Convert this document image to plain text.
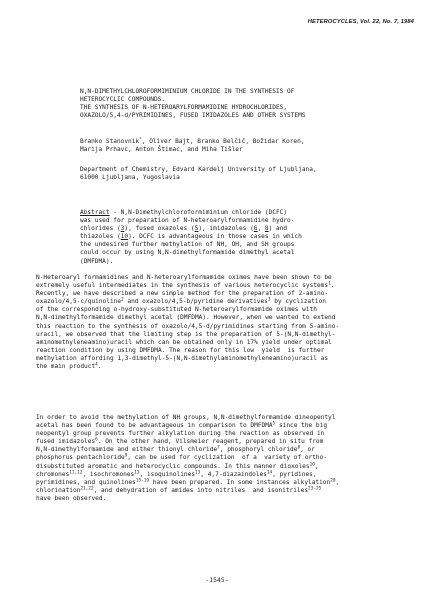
HETEROCYCLES, Vol. 22, No. 7, 1984
N,N-DIMETHYLCHLOROFORMIMINIUM CHLORIDE IN THE SYNTHESIS OF
HETEROCYCLIC COMPOUNDS.
THE SYNTHESIS OF N-HETEROARYLFORMAMIDINE HYDROCHLORIDES,
OXAZOLO/5,4-d/PYRIMIDINES, FUSED IMIDAZOLES AND OTHER SYSTEMS
Branko Stanovnik*, Oliver Bajt, Branko Belčič, Božidar Koren,
Marija Prhavc, Anton Štimac, and Miha Tišler
Department of Chemistry, Edvard Kardelj University of Ljubljana,
61000 Ljubljana, Yugoslavia
Abstract - N,N-Dimethylchloroformiminium chloride (DCFC)
was used for preparation of N-heteroarylformamidine hydro-
chlorides (3), fused oxazoles (5), imidazoles (6, 8) and
thiazoles (10). DCFC is advantageous in those cases in which
the undesired further methylation of NH, OH, and SH groups
could occur by using N,N-dimethylformamide dimethyl acetal
(DMFDMA).
N-Heteroaryl formamidines and N-heteroarylformamide oximes have been shown to be
extremely useful intermediates in the synthesis of various heterocyclic systems$^1$.
Recently, we have described a new simple method for the preparation of 2-amino-
oxazolo/4,5-c/quinoline$^2$ and oxazolo/4,5-b/pyridine derivatives$^3$ by cyclization
of the corresponding o-hydroxy-substituted N-heteroarylformamide oximes with
N,N-dimethylformamide dimethyl acetal (DMFDMA). However, when we wanted to extend
this reaction to the synthesis of oxazolo/4,5-d/pyrimidines starting from 5-amino-
uracil, we observed that the limiting step is the preparation of 5-(N,N-dimethyl-
aminomethyleneamino)uracil which can be obtained only in 17% yield under optimal
reaction condition by using DMFDMA. The reason for this low  yield  is further
methylation affording 1,3-dimethyl-5-(N,N-dimethylaminomethyleneamino)uracil as
the main product$^4$.
In order to avoid the methylation of NH groups, N,N-dimethylformamide dineopentyl
acetal has been found to be advantageous in comparison to DMFDMA$^5$ since the big
neopentyl group prevents further alkylation during the reaction as observed in
fused imidazoles$^6$. On the other hand, Vilsmeier reagent, prepared in situ from
N,N-dimethylformamide and either thionyl chloride$^7$, phosphoryl chloride$^8$, or
phosphorus pentachloride$^9$, can be used for cyclization  of a  variety of ortho-
disubstituted aromatic and heterocyclic compounds. In this manner dioxoles$^{10}$,
chromones$^{11,12}$, isochromones$^{13}$, isoquinolines$^{13}$, 4,7-diazaindoles$^{14}$, pyridines,
pyrimidines, and quinolines$^{15-19}$ have been prepared. In some instances alkylation$^{20}$,
chlorination$^{21,22}$, and dehydration of amides into nitriles  and isonitriles$^{23-25}$
have been observed.
-1545-
